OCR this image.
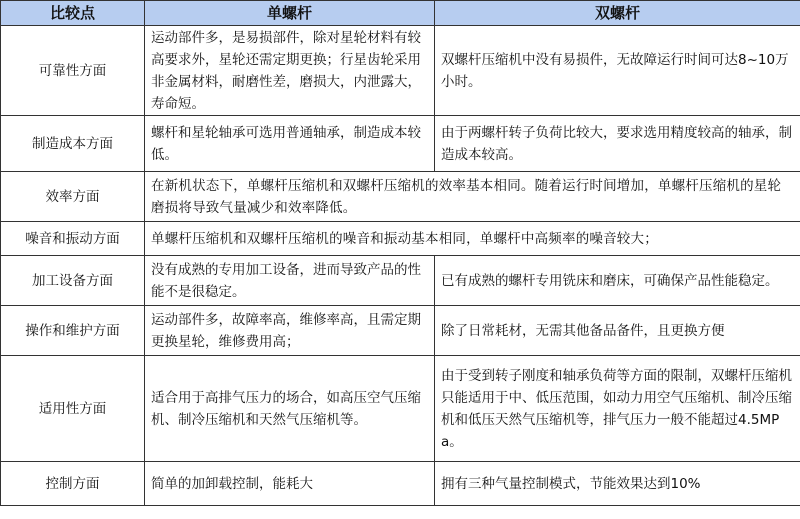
比较点	单螺杆	双螺杆
可靠性方面	运动部件多，是易损部件，除对星轮材料有较高要求外，星轮还需定期更换；行星齿轮采用非金属材料，耐磨性差，磨损大，内泄露大，寿命短。	双螺杆压缩机中没有易损件，无故障运行时间可达8~10万小时。
制造成本方面	螺杆和星轮轴承可选用普通轴承，制造成本较低。	由于两螺杆转子负荷比较大，要求选用精度较高的轴承，制造成本较高。
效率方面	在新机状态下，单螺杆压缩机和双螺杆压缩机的效率基本相同。随着运行时间增加，单螺杆压缩机的星轮磨损将导致气量减少和效率降低。	
噪音和振动方面	单螺杆压缩机和双螺杆压缩机的噪音和振动基本相同，单螺杆中高频率的噪音较大；	
加工设备方面	没有成熟的专用加工设备，进而导致产品的性能不是很稳定。	已有成熟的螺杆专用铣床和磨床，可确保产品性能稳定。
操作和维护方面	运动部件多，故障率高，维修率高，且需定期更换星轮，维修费用高；	除了日常耗材，无需其他备品备件，且更换方便
适用性方面	适合用于高排气压力的场合，如高压空气压缩机、制冷压缩机和天然气压缩机等。	由于受到转子刚度和轴承负荷等方面的限制，双螺杆压缩机只能适用于中、低压范围，如动力用空气压缩机、制冷压缩机和低压天然气压缩机等，排气压力一般不能超过4.5MPa。
控制方面	简单的加卸载控制，能耗大	拥有三种气量控制模式，节能效果达到10%
